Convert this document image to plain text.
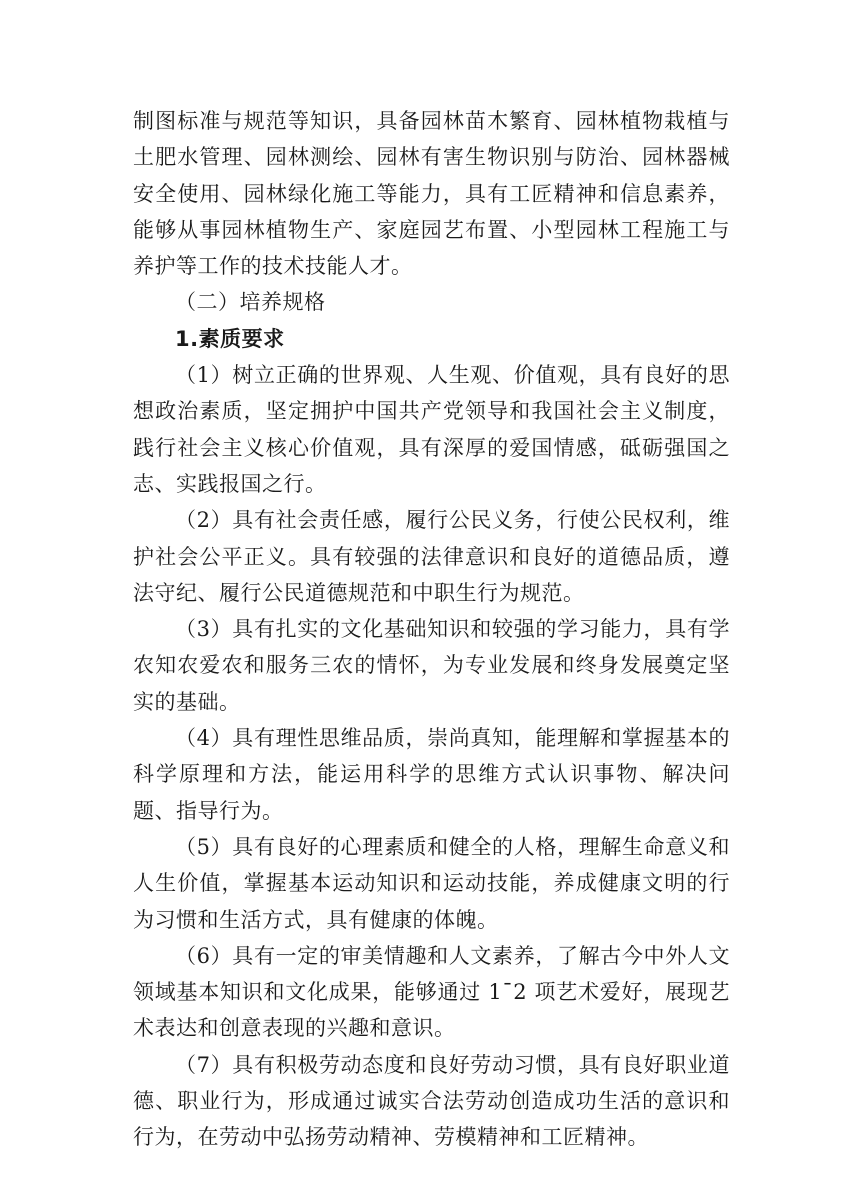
制图标准与规范等知识，具备园林苗木繁育、园林植物栽植与土肥水管理、园林测绘、园林有害生物识别与防治、园林器械安全使用、园林绿化施工等能力，具有工匠精神和信息素养，能够从事园林植物生产、家庭园艺布置、小型园林工程施工与养护等工作的技术技能人才。

（二）培养规格

1.素质要求

（1）树立正确的世界观、人生观、价值观，具有良好的思想政治素质，坚定拥护中国共产党领导和我国社会主义制度，践行社会主义核心价值观，具有深厚的爱国情感，砥砺强国之志、实践报国之行。

（2）具有社会责任感，履行公民义务，行使公民权利，维护社会公平正义。具有较强的法律意识和良好的道德品质，遵法守纪、履行公民道德规范和中职生行为规范。

（3）具有扎实的文化基础知识和较强的学习能力，具有学农知农爱农和服务三农的情怀，为专业发展和终身发展奠定坚实的基础。

（4）具有理性思维品质，崇尚真知，能理解和掌握基本的科学原理和方法，能运用科学的思维方式认识事物、解决问题、指导行为。

（5）具有良好的心理素质和健全的人格，理解生命意义和人生价值，掌握基本运动知识和运动技能，养成健康文明的行为习惯和生活方式，具有健康的体魄。

（6）具有一定的审美情趣和人文素养，了解古今中外人文领域基本知识和文化成果，能够通过 1¯2 项艺术爱好，展现艺术表达和创意表现的兴趣和意识。

（7）具有积极劳动态度和良好劳动习惯，具有良好职业道德、职业行为，形成通过诚实合法劳动创造成功生活的意识和行为，在劳动中弘扬劳动精神、劳模精神和工匠精神。
